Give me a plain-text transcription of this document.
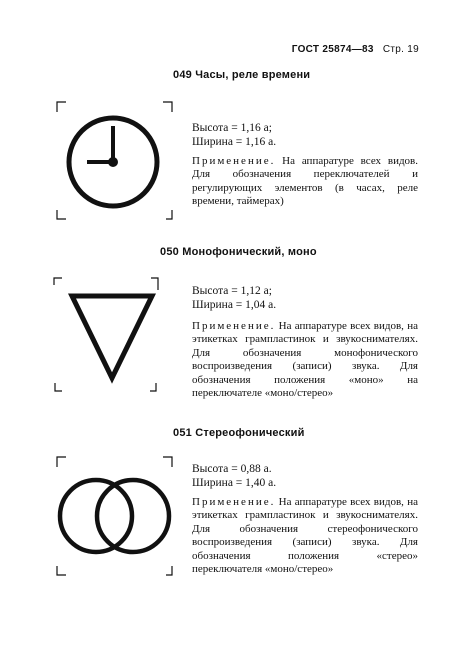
ГОСТ 25874—83 Стр. 19
049 Часы, реле времени
Высота = 1,16 a;
Ширина = 1,16 a.
Применение. На аппаратуре всех видов. Для обозначения переключателей и регулирующих элементов (в часах, реле времени, таймерах)
050 Монофонический, моно
Высота = 1,12 a;
Ширина = 1,04 a.
Применение. На аппаратуре всех видов, на этикетках грампластинок и звукоснимателях. Для обозначения монофонического воспроизведения (записи) звука. Для обозначения положения «моно» на переключателе «моно/стерео»
051 Стереофонический
Высота = 0,88 a.
Ширина = 1,40 a.
Применение. На аппаратуре всех видов, на этикетках грампластинок и звукоснимателях. Для обозначения стереофонического воспроизведения (записи) звука. Для обозначения положения «стерео» переключателя «моно/стерео»
